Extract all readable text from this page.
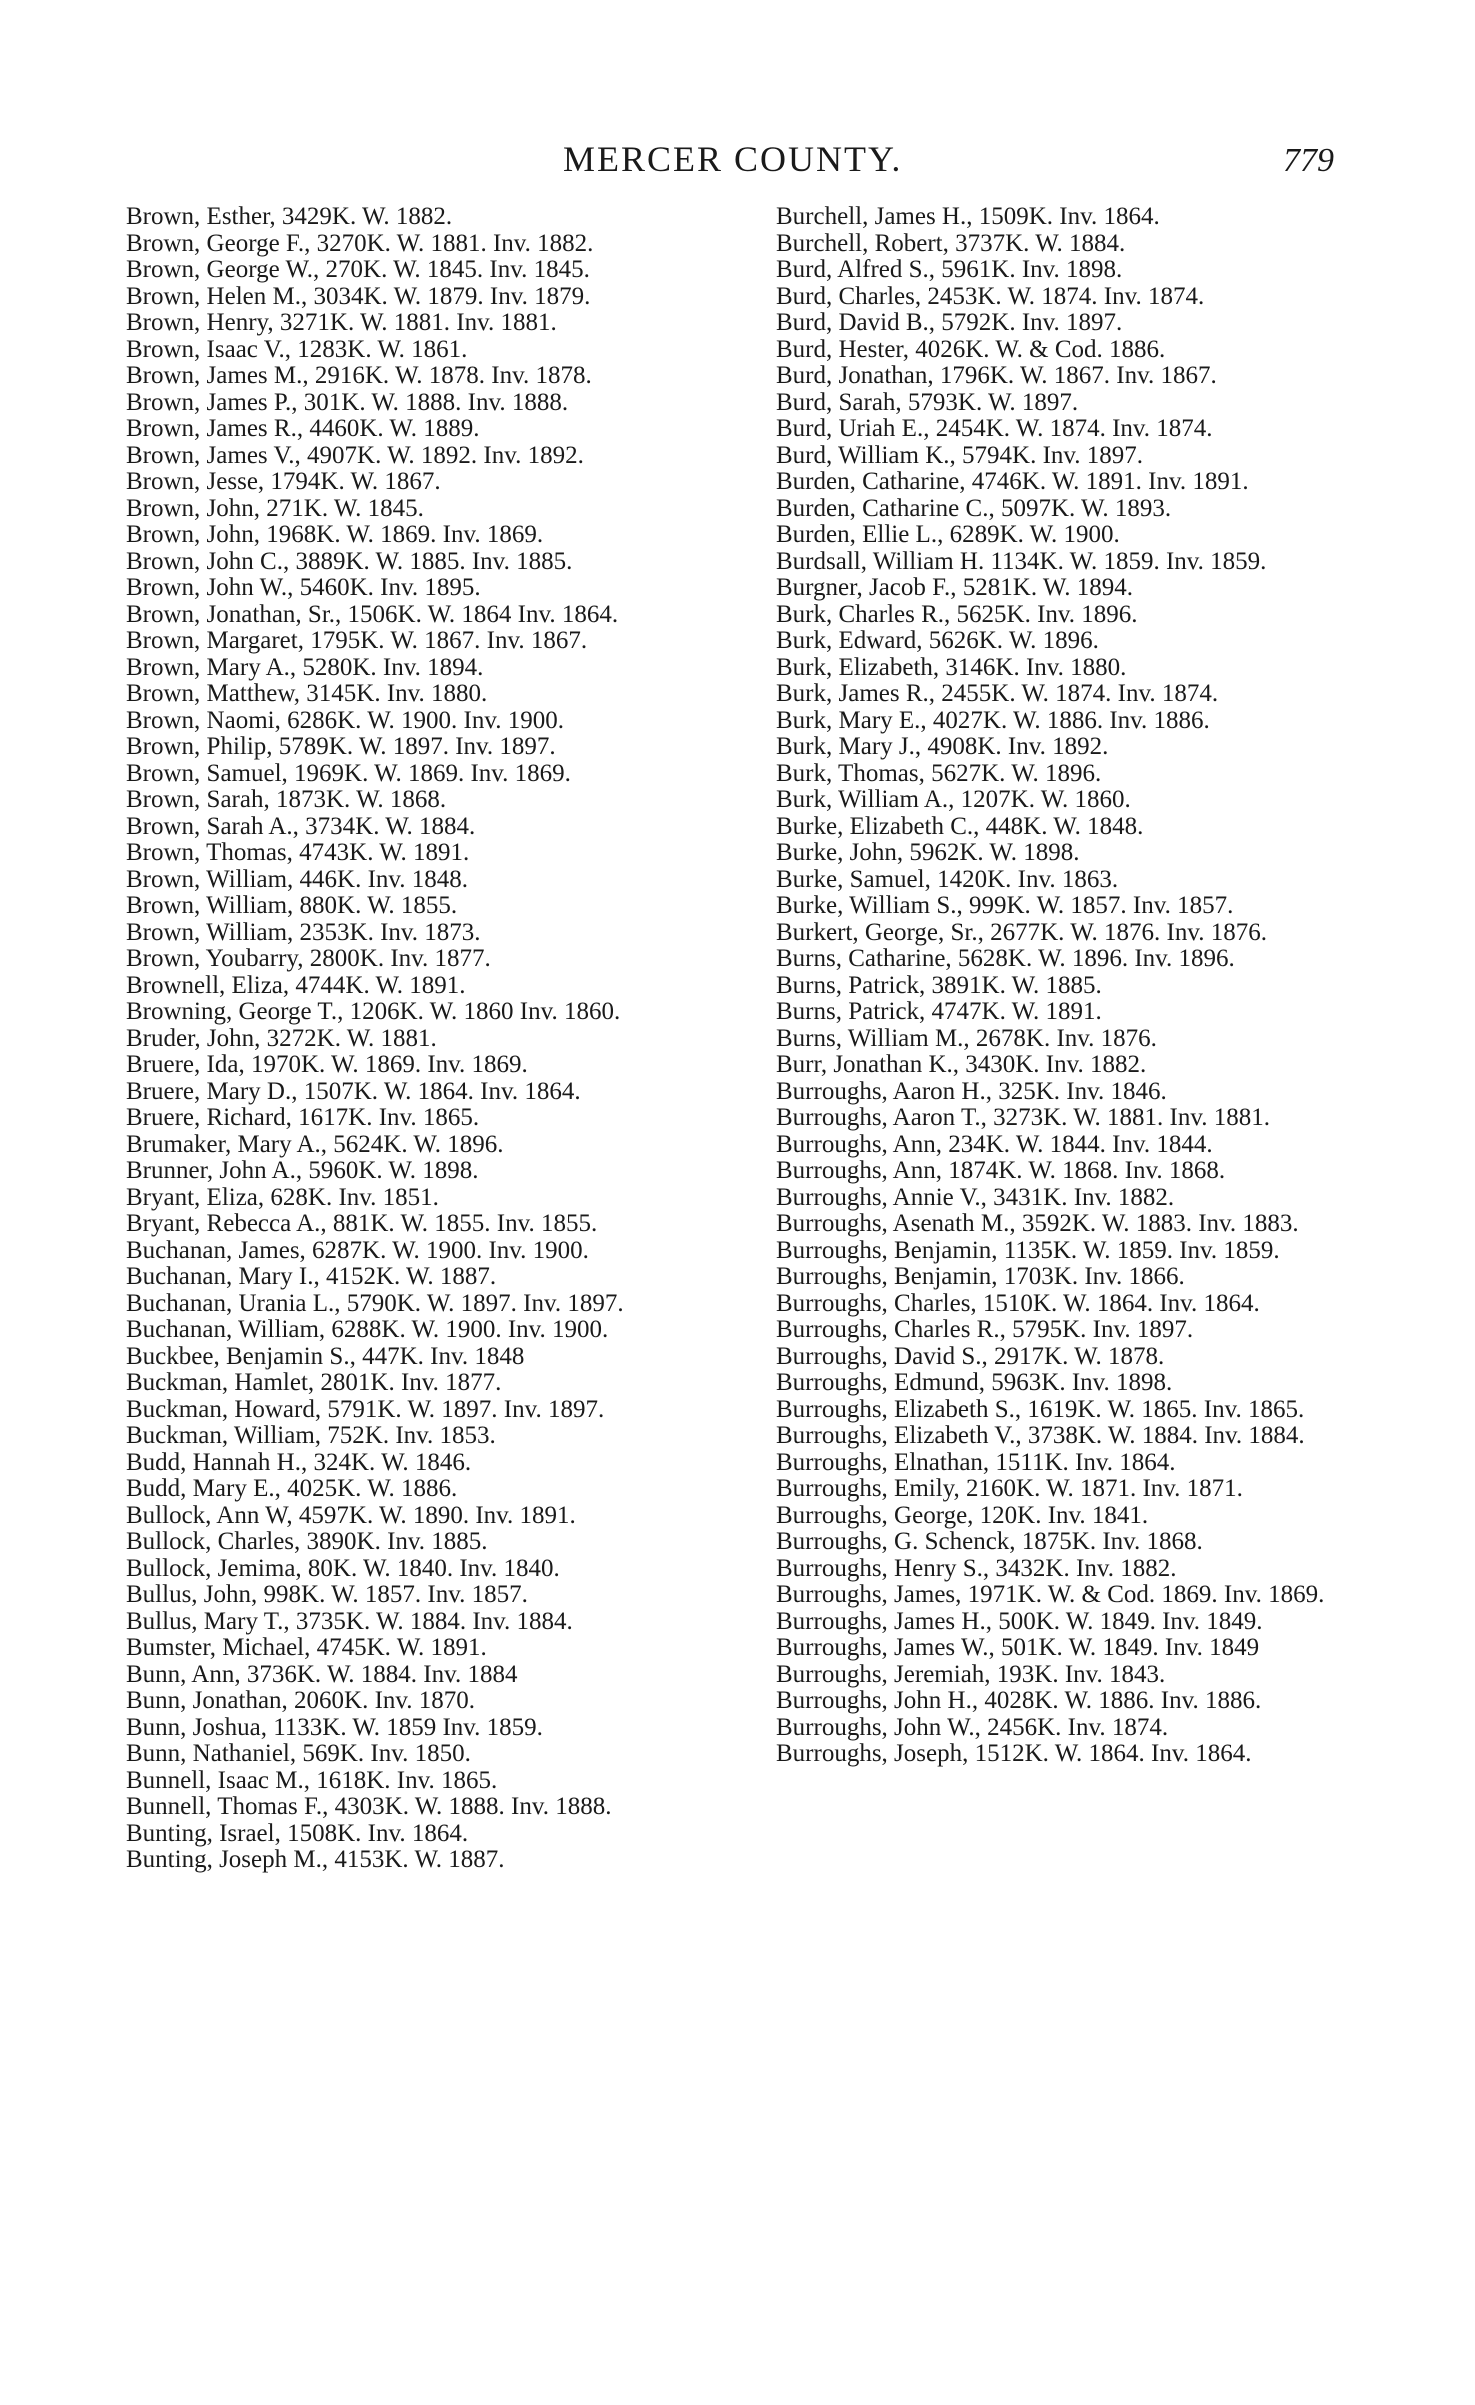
MERCER COUNTY.	779
Brown, Esther, 3429K. W. 1882.
Brown, George F., 3270K. W. 1881. Inv. 1882.
Brown, George W., 270K. W. 1845. Inv. 1845.
Brown, Helen M., 3034K. W. 1879. Inv. 1879.
Brown, Henry, 3271K. W. 1881. Inv. 1881.
Brown, Isaac V., 1283K. W. 1861.
Brown, James M., 2916K. W. 1878. Inv. 1878.
Brown, James P., 301K. W. 1888. Inv. 1888.
Brown, James R., 4460K. W. 1889.
Brown, James V., 4907K. W. 1892. Inv. 1892.
Brown, Jesse, 1794K. W. 1867.
Brown, John, 271K. W. 1845.
Brown, John, 1968K. W. 1869. Inv. 1869.
Brown, John C., 3889K. W. 1885. Inv. 1885.
Brown, John W., 5460K. Inv. 1895.
Brown, Jonathan, Sr., 1506K. W. 1864 Inv. 1864.
Brown, Margaret, 1795K. W. 1867. Inv. 1867.
Brown, Mary A., 5280K. Inv. 1894.
Brown, Matthew, 3145K. Inv. 1880.
Brown, Naomi, 6286K. W. 1900. Inv. 1900.
Brown, Philip, 5789K. W. 1897. Inv. 1897.
Brown, Samuel, 1969K. W. 1869. Inv. 1869.
Brown, Sarah, 1873K. W. 1868.
Brown, Sarah A., 3734K. W. 1884.
Brown, Thomas, 4743K. W. 1891.
Brown, William, 446K. Inv. 1848.
Brown, William, 880K. W. 1855.
Brown, William, 2353K. Inv. 1873.
Brown, Youbarry, 2800K. Inv. 1877.
Brownell, Eliza, 4744K. W. 1891.
Browning, George T., 1206K. W. 1860 Inv. 1860.
Bruder, John, 3272K. W. 1881.
Bruere, Ida, 1970K. W. 1869. Inv. 1869.
Bruere, Mary D., 1507K. W. 1864. Inv. 1864.
Bruere, Richard, 1617K. Inv. 1865.
Brumaker, Mary A., 5624K. W. 1896.
Brunner, John A., 5960K. W. 1898.
Bryant, Eliza, 628K. Inv. 1851.
Bryant, Rebecca A., 881K. W. 1855. Inv. 1855.
Buchanan, James, 6287K. W. 1900. Inv. 1900.
Buchanan, Mary I., 4152K. W. 1887.
Buchanan, Urania L., 5790K. W. 1897. Inv. 1897.
Buchanan, William, 6288K. W. 1900. Inv. 1900.
Buckbee, Benjamin S., 447K. Inv. 1848
Buckman, Hamlet, 2801K. Inv. 1877.
Buckman, Howard, 5791K. W. 1897. Inv. 1897.
Buckman, William, 752K. Inv. 1853.
Budd, Hannah H., 324K. W. 1846.
Budd, Mary E., 4025K. W. 1886.
Bullock, Ann W, 4597K. W. 1890. Inv. 1891.
Bullock, Charles, 3890K. Inv. 1885.
Bullock, Jemima, 80K. W. 1840. Inv. 1840.
Bullus, John, 998K. W. 1857. Inv. 1857.
Bullus, Mary T., 3735K. W. 1884. Inv. 1884.
Bumster, Michael, 4745K. W. 1891.
Bunn, Ann, 3736K. W. 1884. Inv. 1884
Bunn, Jonathan, 2060K. Inv. 1870.
Bunn, Joshua, 1133K. W. 1859 Inv. 1859.
Bunn, Nathaniel, 569K. Inv. 1850.
Bunnell, Isaac M., 1618K. Inv. 1865.
Bunnell, Thomas F., 4303K. W. 1888. Inv. 1888.
Bunting, Israel, 1508K. Inv. 1864.
Bunting, Joseph M., 4153K. W. 1887.
Burchell, James H., 1509K. Inv. 1864.
Burchell, Robert, 3737K. W. 1884.
Burd, Alfred S., 5961K. Inv. 1898.
Burd, Charles, 2453K. W. 1874. Inv. 1874.
Burd, David B., 5792K. Inv. 1897.
Burd, Hester, 4026K. W. & Cod. 1886.
Burd, Jonathan, 1796K. W. 1867. Inv. 1867.
Burd, Sarah, 5793K. W. 1897.
Burd, Uriah E., 2454K. W. 1874. Inv. 1874.
Burd, William K., 5794K. Inv. 1897.
Burden, Catharine, 4746K. W. 1891. Inv. 1891.
Burden, Catharine C., 5097K. W. 1893.
Burden, Ellie L., 6289K. W. 1900.
Burdsall, William H. 1134K. W. 1859. Inv. 1859.
Burgner, Jacob F., 5281K. W. 1894.
Burk, Charles R., 5625K. Inv. 1896.
Burk, Edward, 5626K. W. 1896.
Burk, Elizabeth, 3146K. Inv. 1880.
Burk, James R., 2455K. W. 1874. Inv. 1874.
Burk, Mary E., 4027K. W. 1886. Inv. 1886.
Burk, Mary J., 4908K. Inv. 1892.
Burk, Thomas, 5627K. W. 1896.
Burk, William A., 1207K. W. 1860.
Burke, Elizabeth C., 448K. W. 1848.
Burke, John, 5962K. W. 1898.
Burke, Samuel, 1420K. Inv. 1863.
Burke, William S., 999K. W. 1857. Inv. 1857.
Burkert, George, Sr., 2677K. W. 1876. Inv. 1876.
Burns, Catharine, 5628K. W. 1896. Inv. 1896.
Burns, Patrick, 3891K. W. 1885.
Burns, Patrick, 4747K. W. 1891.
Burns, William M., 2678K. Inv. 1876.
Burr, Jonathan K., 3430K. Inv. 1882.
Burroughs, Aaron H., 325K. Inv. 1846.
Burroughs, Aaron T., 3273K. W. 1881. Inv. 1881.
Burroughs, Ann, 234K. W. 1844. Inv. 1844.
Burroughs, Ann, 1874K. W. 1868. Inv. 1868.
Burroughs, Annie V., 3431K. Inv. 1882.
Burroughs, Asenath M., 3592K. W. 1883. Inv. 1883.
Burroughs, Benjamin, 1135K. W. 1859. Inv. 1859.
Burroughs, Benjamin, 1703K. Inv. 1866.
Burroughs, Charles, 1510K. W. 1864. Inv. 1864.
Burroughs, Charles R., 5795K. Inv. 1897.
Burroughs, David S., 2917K. W. 1878.
Burroughs, Edmund, 5963K. Inv. 1898.
Burroughs, Elizabeth S., 1619K. W. 1865. Inv. 1865.
Burroughs, Elizabeth V., 3738K. W. 1884. Inv. 1884.
Burroughs, Elnathan, 1511K. Inv. 1864.
Burroughs, Emily, 2160K. W. 1871. Inv. 1871.
Burroughs, George, 120K. Inv. 1841.
Burroughs, G. Schenck, 1875K. Inv. 1868.
Burroughs, Henry S., 3432K. Inv. 1882.
Burroughs, James, 1971K. W. & Cod. 1869. Inv. 1869.
Burroughs, James H., 500K. W. 1849. Inv. 1849.
Burroughs, James W., 501K. W. 1849. Inv. 1849
Burroughs, Jeremiah, 193K. Inv. 1843.
Burroughs, John H., 4028K. W. 1886. Inv. 1886.
Burroughs, John W., 2456K. Inv. 1874.
Burroughs, Joseph, 1512K. W. 1864. Inv. 1864.
